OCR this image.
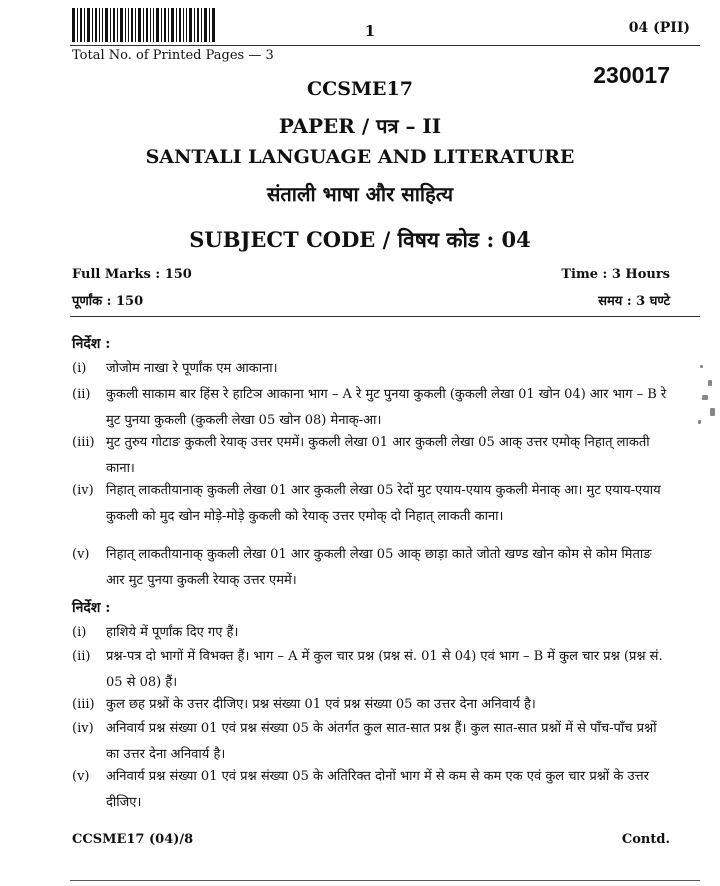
1	04 (PII)
Total No. of Printed Pages — 3
230017
CCSME17
PAPER / पत्र – II
SANTALI LANGUAGE AND LITERATURE
संताली भाषा और साहित्य
SUBJECT CODE / विषय कोड : 04
Full Marks : 150	Time : 3 Hours
पूर्णांक : 150	समय : 3 घण्टे
निर्देश :
(i)	जोजोम नाखा रे पूर्णांक एम आकाना।
(ii)	कुकली साकाम बार हिंस रे हाटिञ आकाना भाग – A रे मुट पुनया कुकली (कुकली लेखा 01 खोन 04) आर भाग – B रे मुट पुनया कुकली (कुकली लेखा 05 खोन 08) मेनाक्-आ।
(iii) मुट तुरुय गोटाङ कुकली रेयाक् उत्तर एममें। कुकली लेखा 01 आर कुकली लेखा 05 आक् उत्तर एमोक् निहात् लाकती काना।
(iv) निहात् लाकतीयानाक् कुकली लेखा 01 आर कुकली लेखा 05 रेदों मुट एयाय-एयाय कुकली मेनाक् आ। मुट एयाय-एयाय कुकली को मुद खोन मोड़े-मोड़े कुकली को रेयाक् उत्तर एमोक् दो निहात् लाकती काना।
(v)	निहात् लाकतीयानाक् कुकली लेखा 01 आर कुकली लेखा 05 आक् छाड़ा काते जोतो खण्ड खोन कोम से कोम मिताङ आर मुट पुनया कुकली रेयाक् उत्तर एममें।
निर्देश :
(i)	हाशिये में पूर्णांक दिए गए हैं।
(ii)	प्रश्न-पत्र दो भागों में विभक्त हैं। भाग – A में कुल चार प्रश्न (प्रश्न सं. 01 से 04) एवं भाग – B में कुल चार प्रश्न (प्रश्न सं. 05 से 08) हैं।
(iii) कुल छह प्रश्नों के उत्तर दीजिए। प्रश्न संख्या 01 एवं प्रश्न संख्या 05 का उत्तर देना अनिवार्य है।
(iv) अनिवार्य प्रश्न संख्या 01 एवं प्रश्न संख्या 05 के अंतर्गत कुल सात-सात प्रश्न हैं। कुल सात-सात प्रश्नों में से पाँच-पाँच प्रश्नों का उत्तर देना अनिवार्य है।
(v)	अनिवार्य प्रश्न संख्या 01 एवं प्रश्न संख्या 05 के अतिरिक्त दोनों भाग में से कम से कम एक एवं कुल चार प्रश्नों के उत्तर दीजिए।
CCSME17 (04)/8	Contd.
